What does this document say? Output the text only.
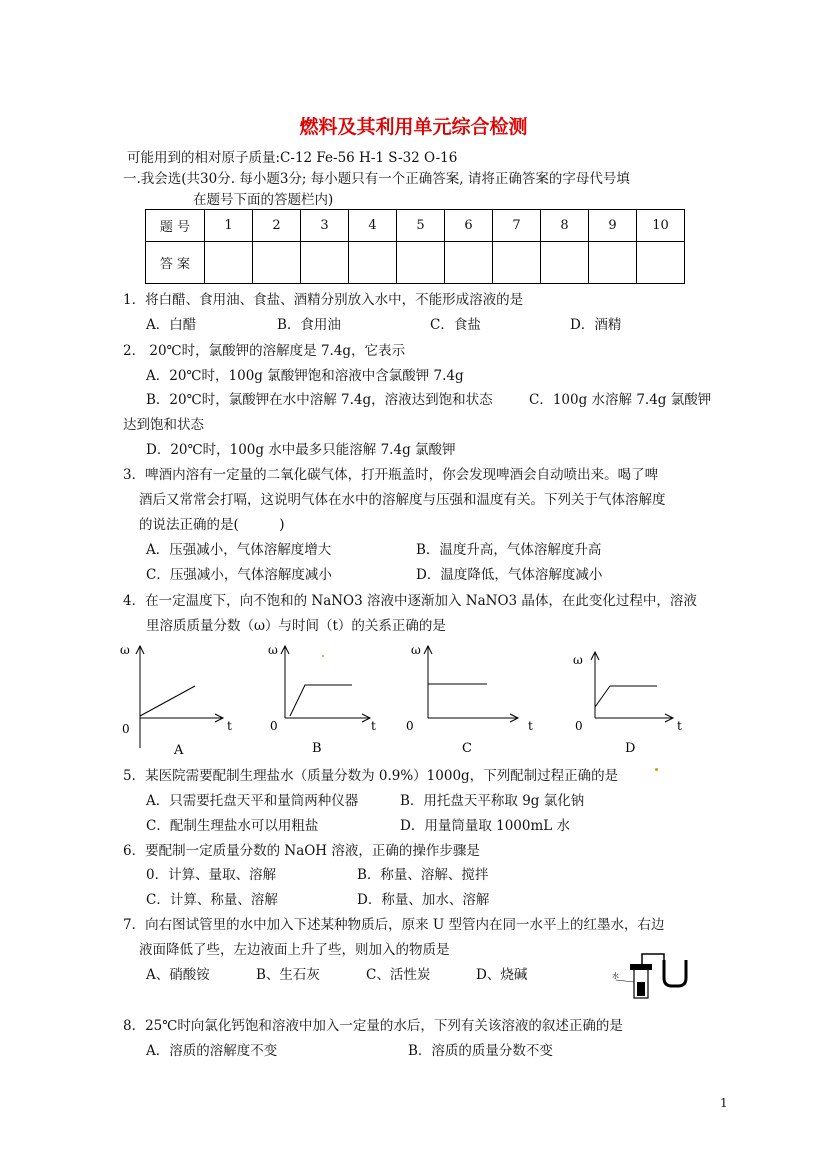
燃料及其利用单元综合检测
可能用到的相对原子质量:C-12 Fe-56 H-1 S-32 O-16
一.我会选(共30分. 每小题3分; 每小题只有一个正确答案, 请将正确答案的字母代号填
在题号下面的答题栏内)
题 号	1	2	3	4	5	6	7	8	9	10
答 案										
1．将白醋、食用油、食盐、酒精分别放入水中，不能形成溶液的是
A．白醋	B．食用油	C．食盐	D．酒精
2． 20℃时，氯酸钾的溶解度是 7.4g，它表示
A．20℃时，100g 氯酸钾饱和溶液中含氯酸钾 7.4g
B．20℃时，氯酸钾在水中溶解 7.4g，溶液达到饱和状态	C．100g 水溶解 7.4g 氯酸钾
达到饱和状态
D．20℃时，100g 水中最多只能溶解 7.4g 氯酸钾
3．啤酒内溶有一定量的二氧化碳气体，打开瓶盖时，你会发现啤酒会自动喷出来。喝了啤
酒后又常常会打嗝，这说明气体在水中的溶解度与压强和温度有关。下列关于气体溶解度
的说法正确的是(　　　)
A．压强减小，气体溶解度增大	B．温度升高，气体溶解度升高
C．压强减小，气体溶解度减小	D．温度降低，气体溶解度减小
4．在一定温度下，向不饱和的 NaNO3 溶液中逐渐加入 NaNO3 晶体，在此变化过程中，溶液
里溶质质量分数（ω）与时间（t）的关系正确的是
ω
t
0
A
ω
t
0
B
ω
t
0
C
ω
t
0
D
5．某医院需要配制生理盐水（质量分数为 0.9%）1000g，下列配制过程正确的是
A．只需要托盘天平和量筒两种仪器	B．用托盘天平称取 9g 氯化钠
C．配制生理盐水可以用粗盐	D．用量筒量取 1000mL 水
6．要配制一定质量分数的 NaOH 溶液，正确的操作步骤是
0．计算、量取、溶解	B．称量、溶解、搅拌
C．计算、称量、溶解	D．称量、加水、溶解
7．向右图试管里的水中加入下述某种物质后，原来 U 型管内在同一水平上的红墨水，右边
液面降低了些，左边液面上升了些，则加入的物质是
A、硝酸铵	B、生石灰	C、活性炭	D、烧碱	水
8．25℃时向氯化钙饱和溶液中加入一定量的水后，下列有关该溶液的叙述正确的是
A．溶质的溶解度不变	B．溶质的质量分数不变
1
